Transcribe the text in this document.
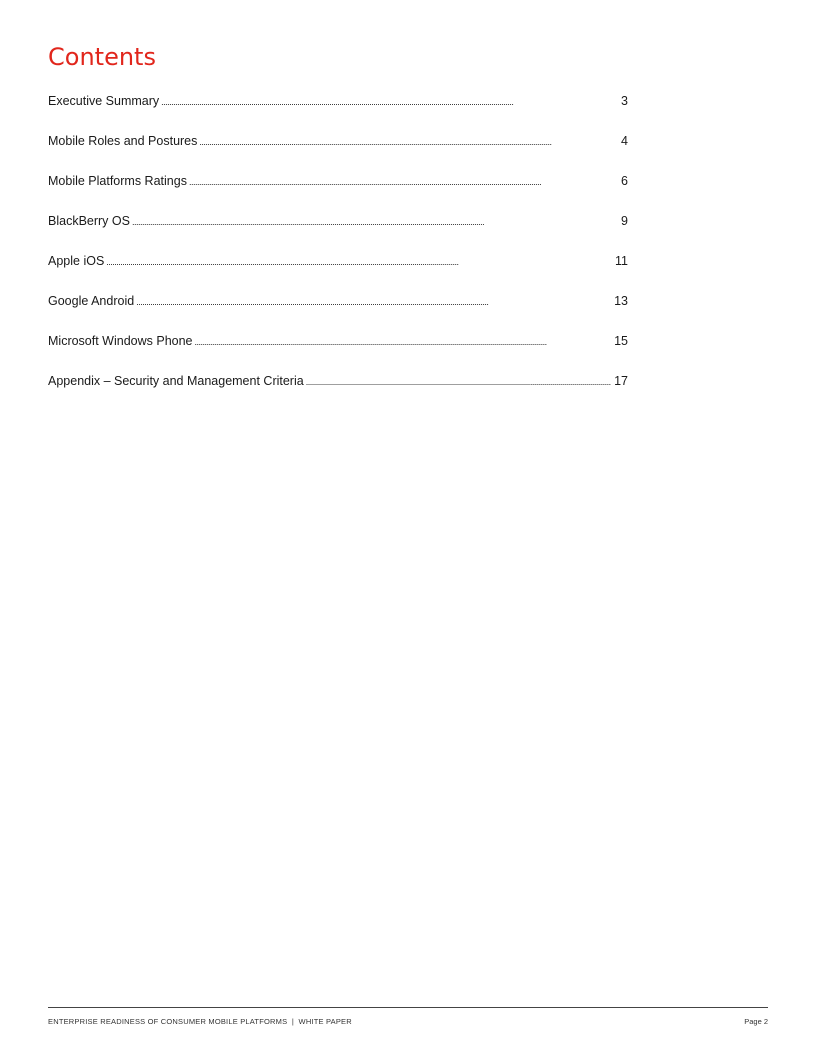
Contents
Executive Summary . . .	3
Mobile Roles and Postures . . .	4
Mobile Platforms Ratings . . .	6
BlackBerry OS . . .	9
Apple iOS . . .	11
Google Android . . .	13
Microsoft Windows Phone . . .	15
Appendix – Security and Management Criteria . . .	17
ENTERPRISE READINESS OF CONSUMER MOBILE PLATFORMS  |  WHITE PAPER	Page 2
